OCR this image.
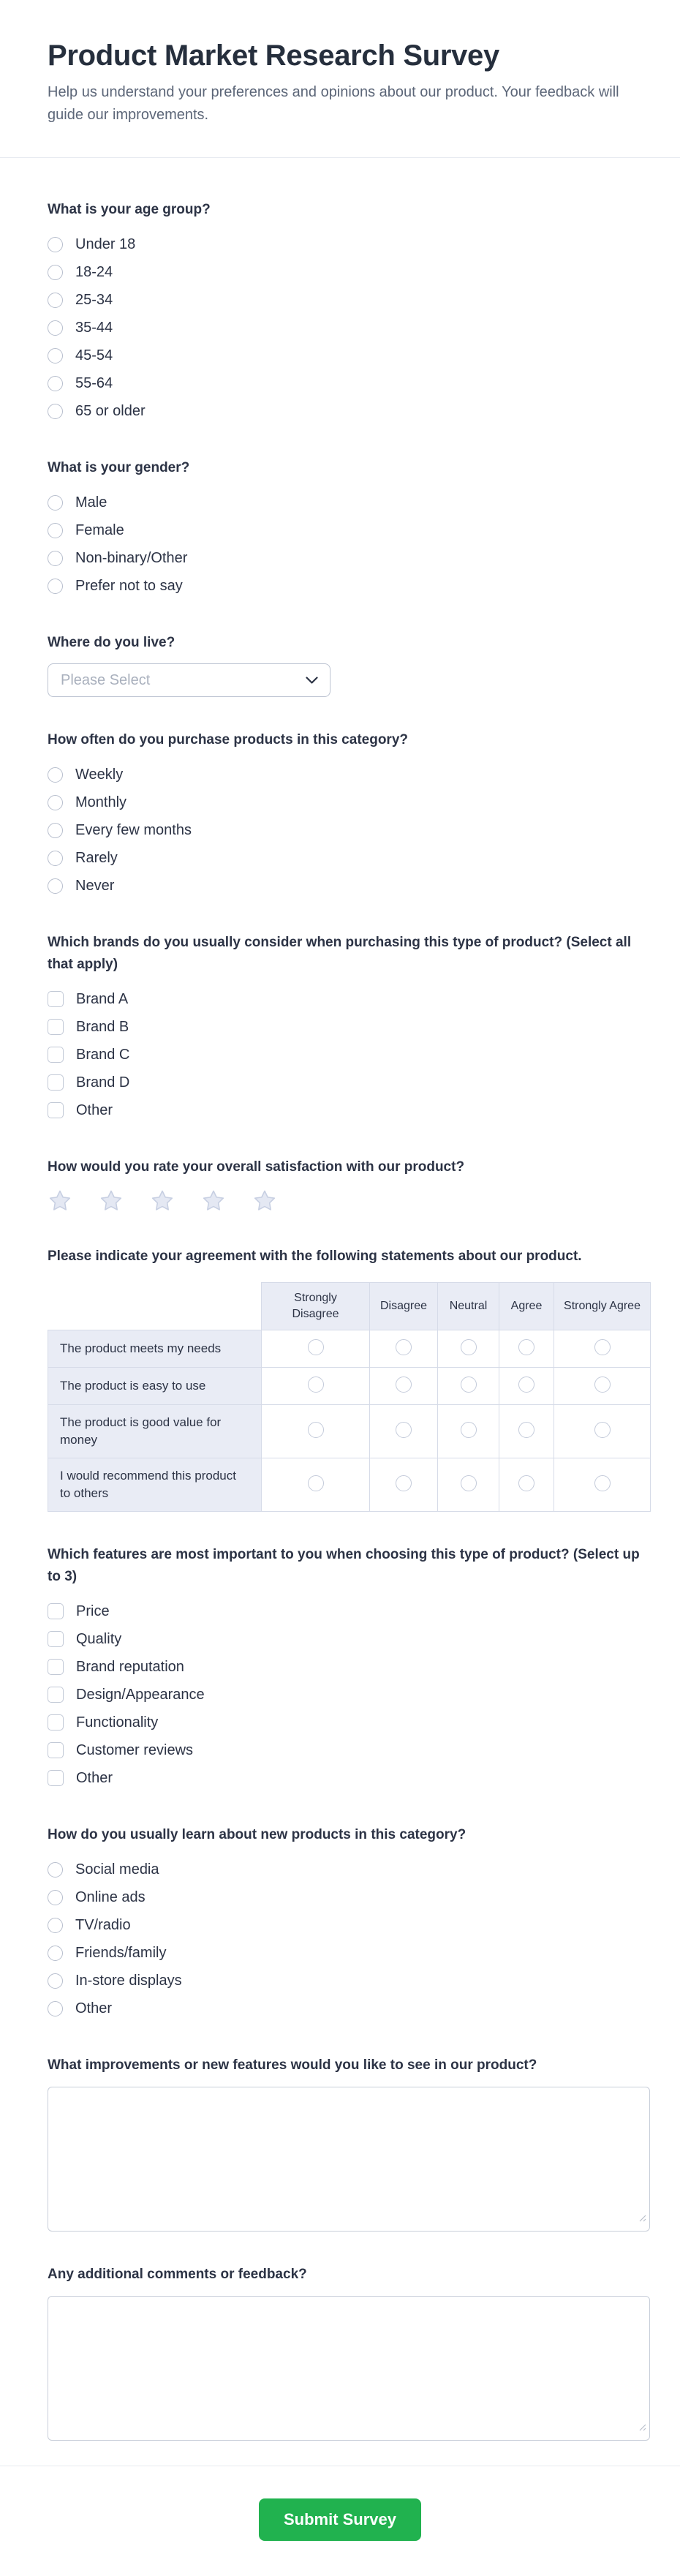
Product Market Research Survey

Help us understand your preferences and opinions about our product. Your feedback will guide our improvements.

What is your age group?
Under 18
18-24
25-34
35-44
45-54
55-64
65 or older
What is your gender?
Male
Female
Non-binary/Other
Prefer not to say
Where do you live?
Please Select
How often do you purchase products in this category?
Weekly
Monthly
Every few months
Rarely
Never
Which brands do you usually consider when purchasing this type of product? (Select all that apply)
Brand A
Brand B
Brand C
Brand D
Other
How would you rate your overall satisfaction with our product?
Please indicate your agreement with the following statements about our product.
	Strongly Disagree	Disagree	Neutral	Agree	Strongly Agree
The product meets my needs					
The product is easy to use					
The product is good value for money					
I would recommend this product to others					
Which features are most important to you when choosing this type of product? (Select up to 3)
Price
Quality
Brand reputation
Design/Appearance
Functionality
Customer reviews
Other
How do you usually learn about new products in this category?
Social media
Online ads
TV/radio
Friends/family
In-store displays
Other
What improvements or new features would you like to see in our product?
Any additional comments or feedback?
Submit Survey
